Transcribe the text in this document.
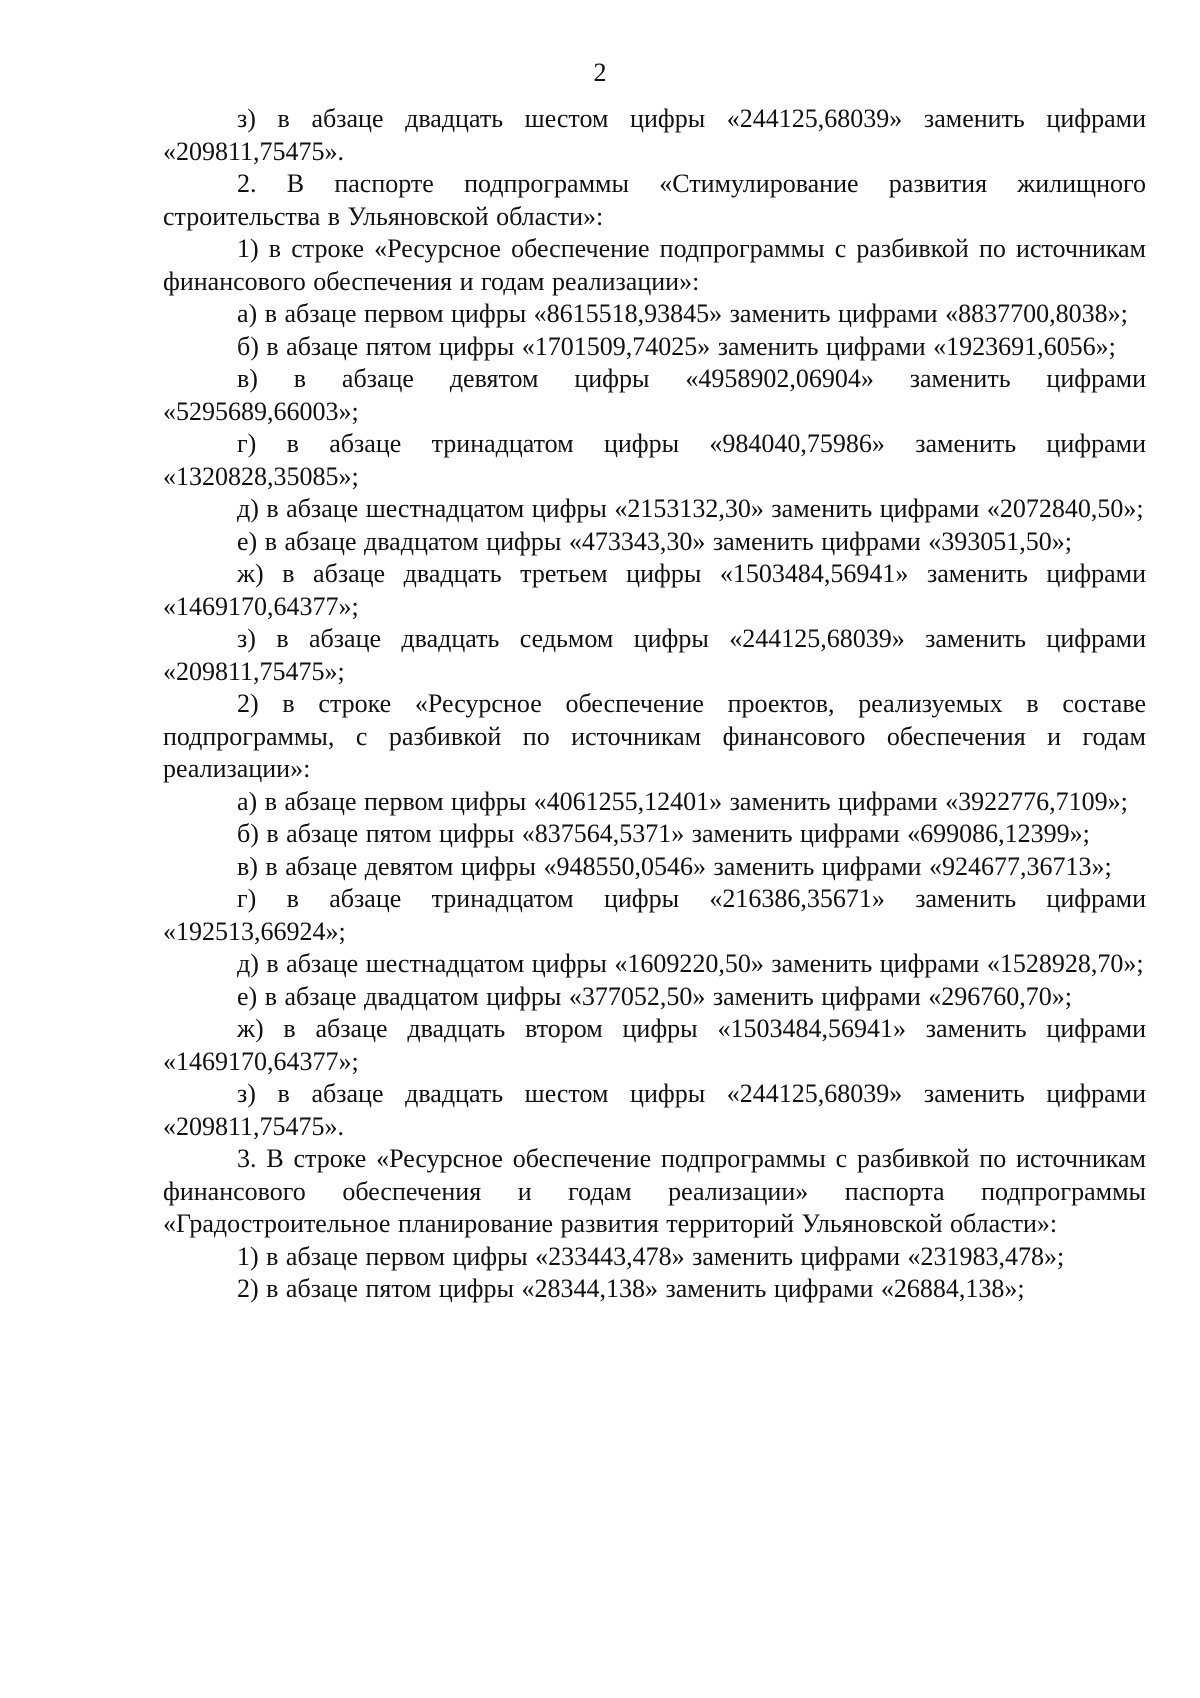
2

з) в абзаце двадцать шестом цифры «244125,68039» заменить цифрами «209811,75475».

2. В паспорте подпрограммы «Стимулирование развития жилищного строительства в Ульяновской области»:

1) в строке «Ресурсное обеспечение подпрограммы с разбивкой по источникам финансового обеспечения и годам реализации»:

а) в абзаце первом цифры «8615518,93845» заменить цифрами «8837700,8038»;

б) в абзаце пятом цифры «1701509,74025» заменить цифрами «1923691,6056»;

в) в абзаце девятом цифры «4958902,06904» заменить цифрами «5295689,66003»;

г) в абзаце тринадцатом цифры «984040,75986» заменить цифрами «1320828,35085»;

д) в абзаце шестнадцатом цифры «2153132,30» заменить цифрами «2072840,50»;

е) в абзаце двадцатом цифры «473343,30» заменить цифрами «393051,50»;

ж) в абзаце двадцать третьем цифры «1503484,56941» заменить цифрами «1469170,64377»;

з) в абзаце двадцать седьмом цифры «244125,68039» заменить цифрами «209811,75475»;

2) в строке «Ресурсное обеспечение проектов, реализуемых в составе подпрограммы, с разбивкой по источникам финансового обеспечения и годам реализации»:

а) в абзаце первом цифры «4061255,12401» заменить цифрами «3922776,7109»;

б) в абзаце пятом цифры «837564,5371» заменить цифрами «699086,12399»;

в) в абзаце девятом цифры «948550,0546» заменить цифрами «924677,36713»;

г) в абзаце тринадцатом цифры «216386,35671» заменить цифрами «192513,66924»;

д) в абзаце шестнадцатом цифры «1609220,50» заменить цифрами «1528928,70»;

е) в абзаце двадцатом цифры «377052,50» заменить цифрами «296760,70»;

ж) в абзаце двадцать втором цифры «1503484,56941» заменить цифрами «1469170,64377»;

з) в абзаце двадцать шестом цифры «244125,68039» заменить цифрами «209811,75475».

3. В строке «Ресурсное обеспечение подпрограммы с разбивкой по источникам финансового обеспечения и годам реализации» паспорта подпрограммы «Градостроительное планирование развития территорий Ульяновской области»:

1) в абзаце первом цифры «233443,478» заменить цифрами «231983,478»;

2) в абзаце пятом цифры «28344,138» заменить цифрами «26884,138»;
